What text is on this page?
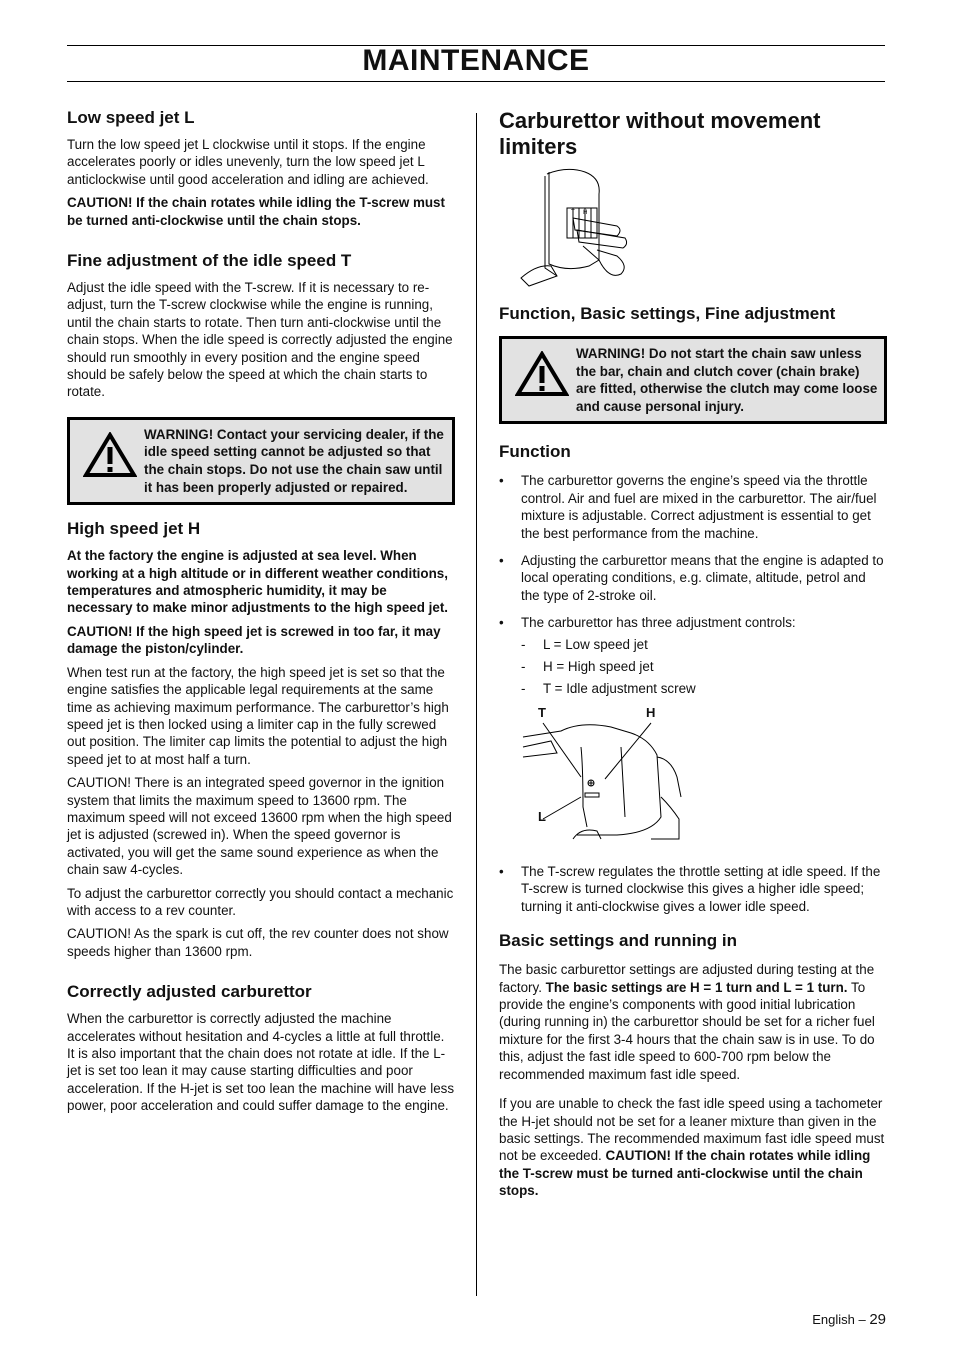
MAINTENANCE
Low speed jet L

Turn the low speed jet L clockwise until it stops. If the engine accelerates poorly or idles unevenly, turn the low speed jet L anticlockwise until good acceleration and idling are achieved.

CAUTION! If the chain rotates while idling the T-screw must be turned anti-clockwise until the chain stops.

Fine adjustment of the idle speed T

Adjust the idle speed with the T-screw. If it is necessary to re-adjust, turn the T-screw clockwise while the engine is running, until the chain starts to rotate. Then turn anti-clockwise until the chain stops. When the idle speed is correctly adjusted the engine should run smoothly in every position and the engine speed should be safely below the speed at which the chain starts to rotate.

WARNING! Contact your servicing dealer, if the idle speed setting cannot be adjusted so that the chain stops. Do not use the chain saw until it has been properly adjusted or repaired.
High speed jet H

At the factory the engine is adjusted at sea level. When working at a high altitude or in different weather conditions, temperatures and atmospheric humidity, it may be necessary to make minor adjustments to the high speed jet.

CAUTION! If the high speed jet is screwed in too far, it may damage the piston/cylinder.

When test run at the factory, the high speed jet is set so that the engine satisfies the applicable legal requirements at the same time as achieving maximum performance. The carburettor’s high speed jet is then locked using a limiter cap in the fully screwed out position. The limiter cap limits the potential to adjust the high speed jet to at most half a turn.

CAUTION! There is an integrated speed governor in the ignition system that limits the maximum speed to 13600 rpm. The maximum speed will not exceed 13600 rpm when the high speed jet is adjusted (screwed in). When the speed governor is activated, you will get the same sound experience as when the chain saw 4-cycles.

To adjust the carburettor correctly you should contact a mechanic with access to a rev counter.

CAUTION! As the spark is cut off, the rev counter does not show speeds higher than 13600 rpm.

Correctly adjusted carburettor

When the carburettor is correctly adjusted the machine accelerates without hesitation and 4-cycles a little at full throttle. It is also important that the chain does not rotate at idle. If the L-jet is set too lean it may cause starting difficulties and poor acceleration. If the H-jet is set too lean the machine will have less power, poor acceleration and could suffer damage to the engine.

Carburettor without movement limiters
T H
Function, Basic settings, Fine adjustment
WARNING! Do not start the chain saw unless the bar, chain and clutch cover (chain brake) are fitted, otherwise the clutch may come loose and cause personal injury.
Function
• The carburettor governs the engine’s speed via the throttle control. Air and fuel are mixed in the carburettor. The air/fuel mixture is adjustable. Correct adjustment is essential to get the best performance from the machine.
• Adjusting the carburettor means that the engine is adapted to local operating conditions, e.g. climate, altitude, petrol and the type of 2-stroke oil.
• The carburettor has three adjustment controls:
- L = Low speed jet
- H = High speed jet
- T = Idle adjustment screw
T	H
L
• The T-screw regulates the throttle setting at idle speed. If the T-screw is turned clockwise this gives a higher idle speed; turning it anti-clockwise gives a lower idle speed.
Basic settings and running in

The basic carburettor settings are adjusted during testing at the factory. The basic settings are H = 1 turn and L = 1 turn. To provide the engine’s components with good initial lubrication (during running in) the carburettor should be set for a richer fuel mixture for the first 3-4 hours that the chain saw is in use. To do this, adjust the fast idle speed to 600-700 rpm below the recommended maximum fast idle speed.

If you are unable to check the fast idle speed using a tachometer the H-jet should not be set for a leaner mixture than given in the basic settings. The recommended maximum fast idle speed must not be exceeded. CAUTION! If the chain rotates while idling the T-screw must be turned anti-clockwise until the chain stops.

English – 29
